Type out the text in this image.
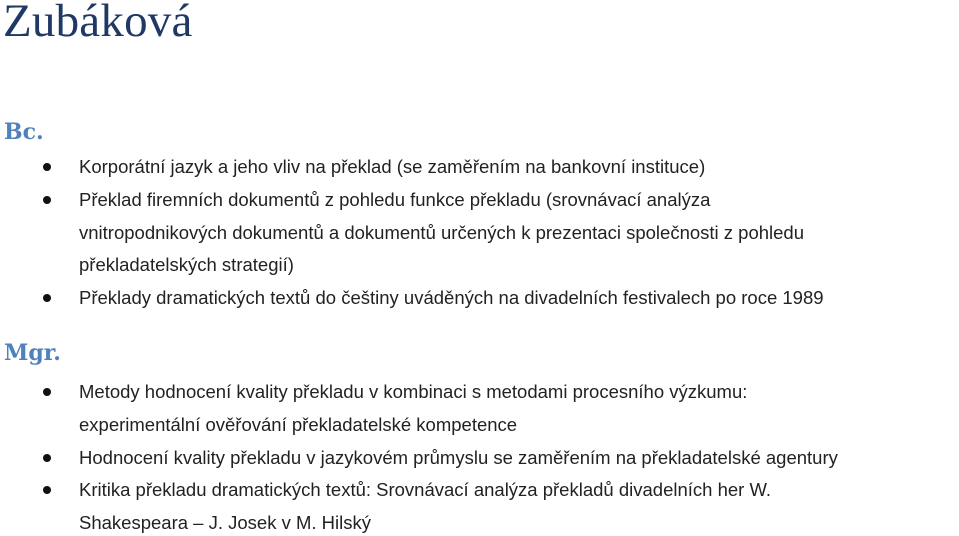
Zubáková
Bc.
Korporátní jazyk a jeho vliv na překlad (se zaměřením na bankovní instituce)
Překlad firemních dokumentů z pohledu funkce překladu (srovnávací analýza
vnitropodnikových dokumentů a dokumentů určených k prezentaci společnosti z pohledu
překladatelských strategií)
Překlady dramatických textů do češtiny uváděných na divadelních festivalech po roce 1989
Mgr.
Metody hodnocení kvality překladu v kombinaci s metodami procesního výzkumu:
experimentální ověřování překladatelské kompetence
Hodnocení kvality překladu v jazykovém průmyslu se zaměřením na překladatelské agentury
Kritika překladu dramatických textů: Srovnávací analýza překladů divadelních her W.
Shakespeara – J. Josek v M. Hilský
